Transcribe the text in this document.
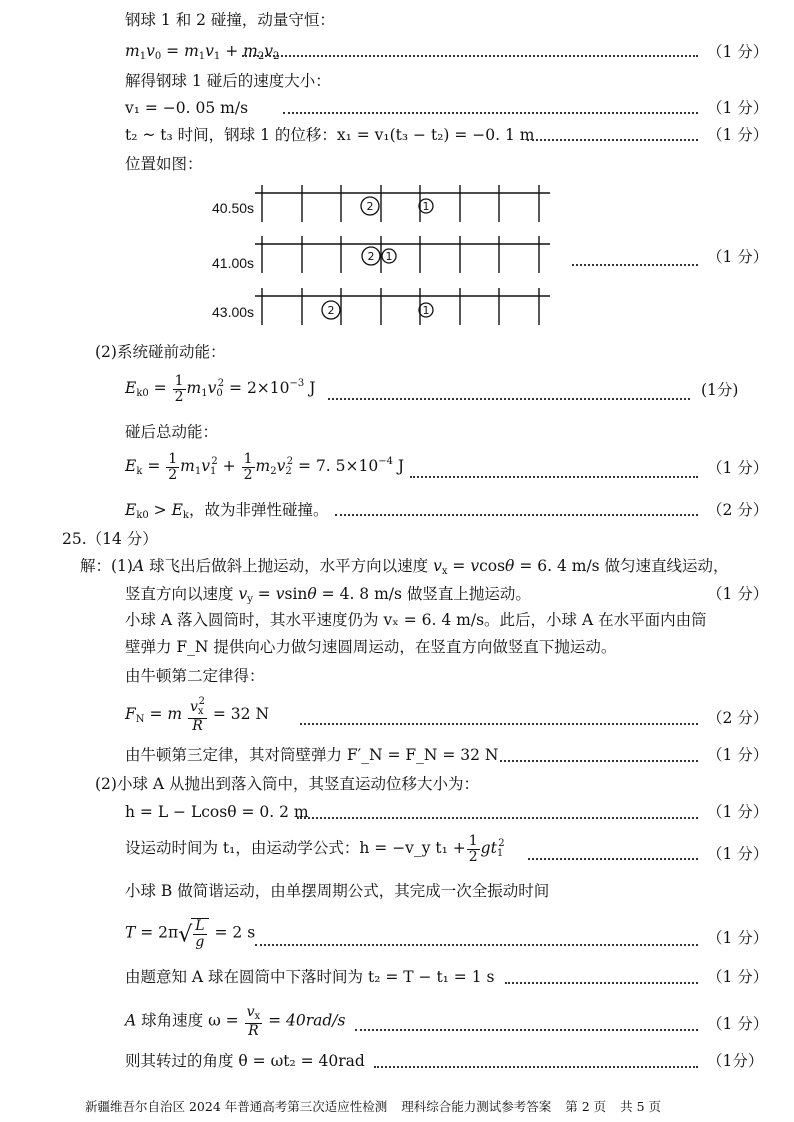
钢球 1 和 2 碰撞，动量守恒：
$m_1v_0 = m_1v_1 + m_2v_2$	（1 分）
解得钢球 1 碰后的速度大小：
v₁ = −0. 05 m/s	（1 分）
t₂ ~ t₃ 时间，钢球 1 的位移：x₁ = v₁(t₃ − t₂) = −0. 1 m	（1 分）
位置如图：
40.50s
41.00s
43.00s
2	1
2 1
2	1
（1 分）
(2)系统碰前动能：
$E_{k0} = \frac{1}{2} m_1v_0^2 = 2\times 10^{-3}$ J	(1分)
碰后总动能：
$E_k = \frac{1}{2} m_1v_1^2 + \frac{1}{2} m_2v_2^2 = 7$. $5\times 10^{-4}$ J	（1 分）
$E_{k0} > E_k$，故为非弹性碰撞。	（2 分）
25.（14 分）
解：(1)A 球飞出后做斜上抛运动，水平方向以速度 $v_x = vcos\theta = 6$. 4 m/s 做匀速直线运动，
竖直方向以速度 $v_y = vsin\theta = 4$. 8 m/s 做竖直上抛运动。	（1 分）
小球 A 落入圆筒时，其水平速度仍为 vₓ = 6. 4 m/s。此后，小球 A 在水平面内由筒
壁弹力 F_N 提供向心力做匀速圆周运动，在竖直方向做竖直下抛运动。
由牛顿第二定律得：
$F_N = m \frac{v_x^2}{R} = 32$ N	（2 分）
由牛顿第三定律，其对筒壁弹力 F′_N = F_N = 32 N	（1 分）
(2)小球 A 从抛出到落入筒中，其竖直运动位移大小为：
h = L − Lcosθ = 0. 2 m	（1 分）
设运动时间为 t₁，由运动学公式：h = −v_y $t_1 + \frac{1}{2} gt_1^2$
（1 分）
小球 B 做简谐运动，由单摆周期公式，其完成一次全振动时间
$T = 2\pi√ \frac{L}{g} = 2$ s	（1 分）
由题意知 A 球在圆筒中下落时间为 t₂ = T − t₁ = 1 s	（1 分）
A 球角速度 $\omega = \frac{v_x}{R} = 40rad/s$	（1 分）
则其转过的角度 θ = ωt₂ = 40rad	（1分）
新疆维吾尔自治区 2024 年普通高考第三次适应性检测 理科综合能力测试参考答案 第 2 页 共 5 页
